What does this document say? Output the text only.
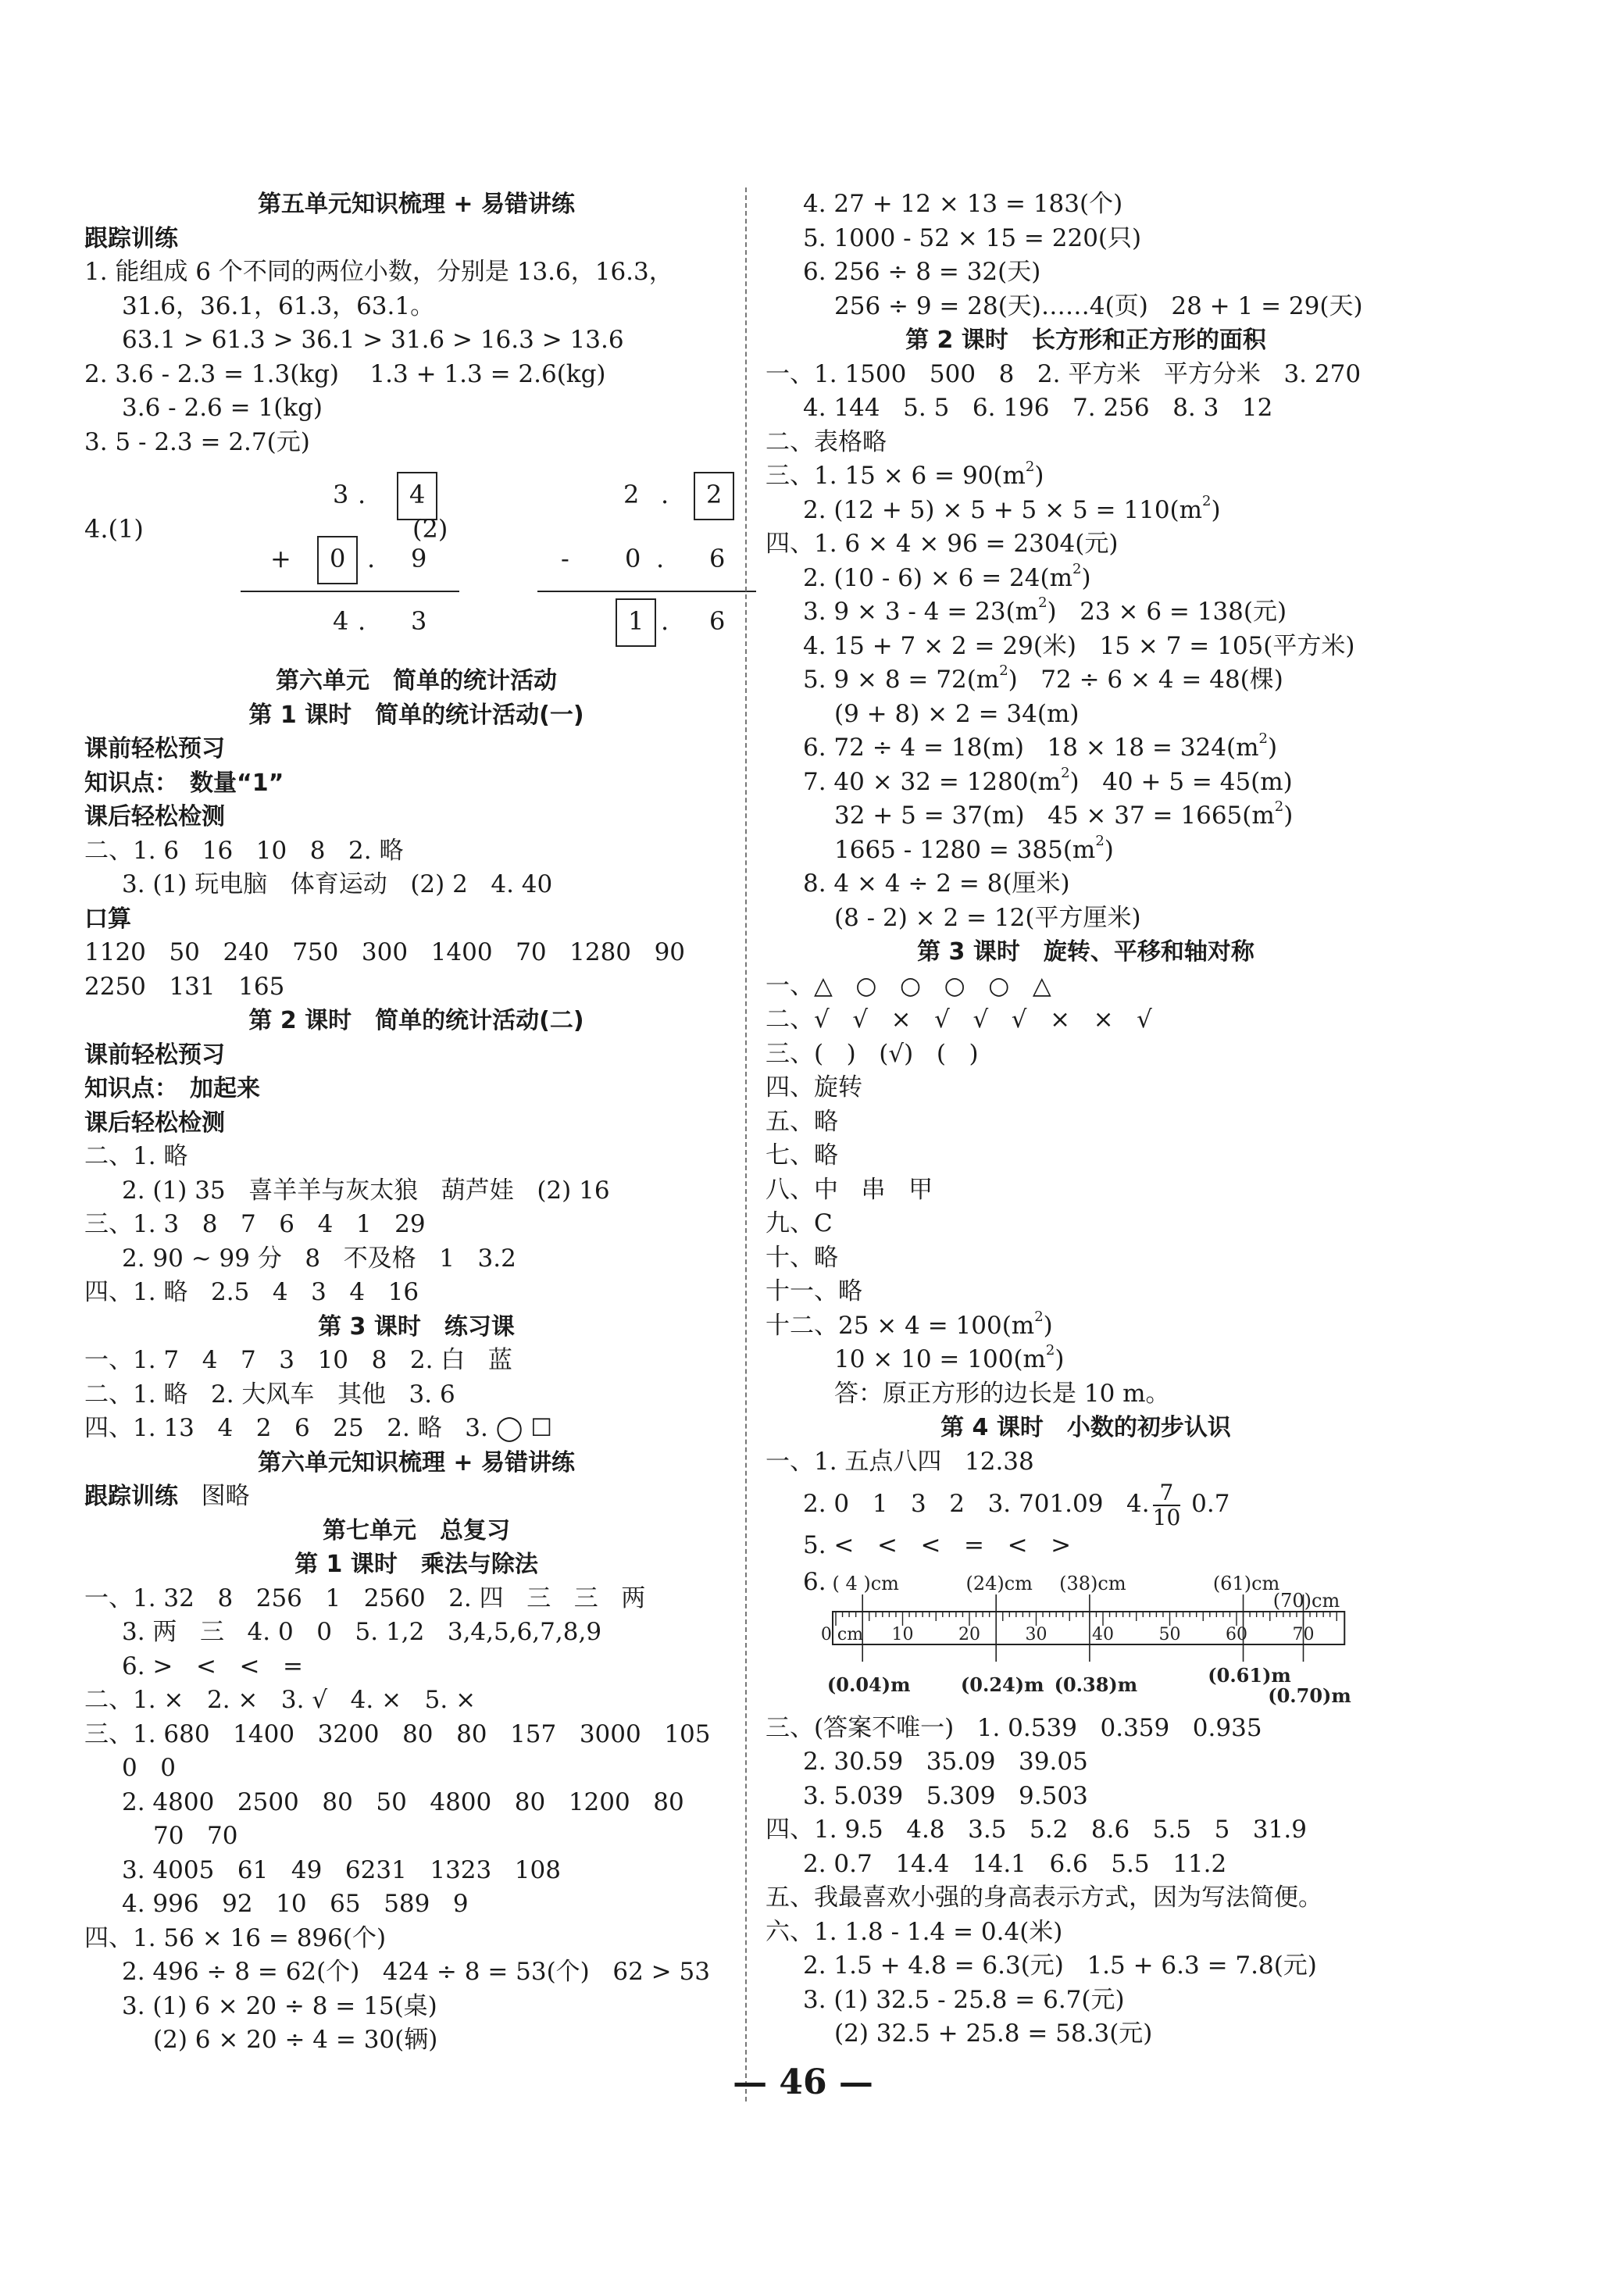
第五单元知识梳理 + 易错讲练
跟踪训练
1. 能组成 6 个不同的两位小数，分别是 13.6，16.3，
31.6，36.1，61.3，63.1。
63.1 > 61.3 > 36.1 > 31.6 > 16.3 > 13.6
2. 3.6 - 2.3 = 1.3(kg)    1.3 + 1.3 = 2.6(kg)
3.6 - 2.6 = 1(kg)
3. 5 - 2.3 = 2.7(元)
4.(1)
3 . 4
+ 0 . 9
4 . 3
(2)
2 . 2
- 0 . 6
1 . 6
第六单元　简单的统计活动
第 1 课时　简单的统计活动(一)
课前轻松预习
知识点：　数量“1”
课后轻松检测
二、1. 6   16   10   8   2. 略
3. (1) 玩电脑   体育运动   (2) 2   4. 40
口算
1120   50   240   750   300   1400   70   1280   90
2250   131   165
第 2 课时　简单的统计活动(二)
课前轻松预习
知识点：　加起来
课后轻松检测
二、1. 略
2. (1) 35   喜羊羊与灰太狼   葫芦娃   (2) 16
三、1. 3   8   7   6   4   1   29
2. 90 ~ 99 分   8   不及格   1   3.2
四、1. 略   2.5   4   3   4   16
第 3 课时　练习课
一、1. 7   4   7   3   10   8   2. 白   蓝
二、1. 略   2. 大风车   其他   3. 6
四、1. 13   4   2   6   25   2. 略   3. ◯ ☐
第六单元知识梳理 + 易错讲练
跟踪训练 图略
第七单元　总复习
第 1 课时　乘法与除法
一、1. 32   8   256   1   2560   2. 四   三   三   两
3. 两   三   4. 0   0   5. 1,2   3,4,5,6,7,8,9
6. >   <   <   =
二、1. ×   2. ×   3. √   4. ×   5. ×
三、1. 680   1400   3200   80   80   157   3000   105
0   0
2. 4800   2500   80   50   4800   80   1200   80
70   70
3. 4005   61   49   6231   1323   108
4. 996   92   10   65   589   9
四、1. 56 × 16 = 896(个)
2. 496 ÷ 8 = 62(个)   424 ÷ 8 = 53(个)   62 > 53
3. (1) 6 × 20 ÷ 8 = 15(桌)
(2) 6 × 20 ÷ 4 = 30(辆)
4. 27 + 12 × 13 = 183(个)
5. 1000 - 52 × 15 = 220(只)
6. 256 ÷ 8 = 32(天)
256 ÷ 9 = 28(天)……4(页)   28 + 1 = 29(天)
第 2 课时　长方形和正方形的面积
一、1. 1500   500   8   2. 平方米   平方分米   3. 270
4. 144   5. 5   6. 196   7. 256   8. 3   12
二、表格略
三、1. $15 \times 6 = 90(m^2)$
2. $(12 + 5) \times 5 + 5 \times 5 = 110(m^2)$
四、1. 6 × 4 × 96 = 2304(元)
2. $(10 - 6) \times 6 = 24(m^2)$
3. $9 \times 3 - 4 = 23(m^2) 23 \times 6 = 138$(元)
4. 15 + 7 × 2 = 29(米)   15 × 7 = 105(平方米)
5. $9 \times 8 = 72(m^2) 72 \div 6 \times 4 = 48$(棵)
(9 + 8) × 2 = 34(m)
6. 72 ÷ 4 = 18(m)   $18 \times 18 = 324(m^2)$
7. $40 \times 32 = 1280(m^2) 40 + 5 = 45(m)$
32 + 5 = 37(m)   $45 \times 37 = 1665(m^2)$
$1665 - 1280 = 385(m^2)$
8. 4 × 4 ÷ 2 = 8(厘米)
(8 - 2) × 2 = 12(平方厘米)
第 3 课时　旋转、平移和轴对称
一、△   ○   ○   ○   ○   △
二、√   √   ×   √   √   √   ×   ×   √
三、(   )   (√)   (   )
四、旋转
五、略
七、略
八、中   串   甲
九、C
十、略
十一、略
十二、$25 \times 4 = 100(m^2)$
$10 \times 10 = 100(m^2)$
答：原正方形的边长是 10 m。
第 4 课时　小数的初步认识
一、1. 五点八四   12.38
2. 0   1   3   2   3. 701.09   4. $\frac{7}{10} 0.7$
5. <   <   <   =   <   >
6.
0 cm 10	20	30	40	50	60	70
( 4 )cm
(0.04)m
(24)cm
(0.24)m
(38)cm
(0.38)m
(61)cm
(0.61)m
(70)cm
(0.70)m
三、(答案不唯一)   1. 0.539   0.359   0.935
2. 30.59   35.09   39.05
3. 5.039   5.309   9.503
四、1. 9.5   4.8   3.5   5.2   8.6   5.5   5   31.9
2. 0.7   14.4   14.1   6.6   5.5   11.2
五、我最喜欢小强的身高表示方式，因为写法简便。
六、1. 1.8 - 1.4 = 0.4(米)
2. 1.5 + 4.8 = 6.3(元)   1.5 + 6.3 = 7.8(元)
3. (1) 32.5 - 25.8 = 6.7(元)
(2) 32.5 + 25.8 = 58.3(元)
— 46 —
